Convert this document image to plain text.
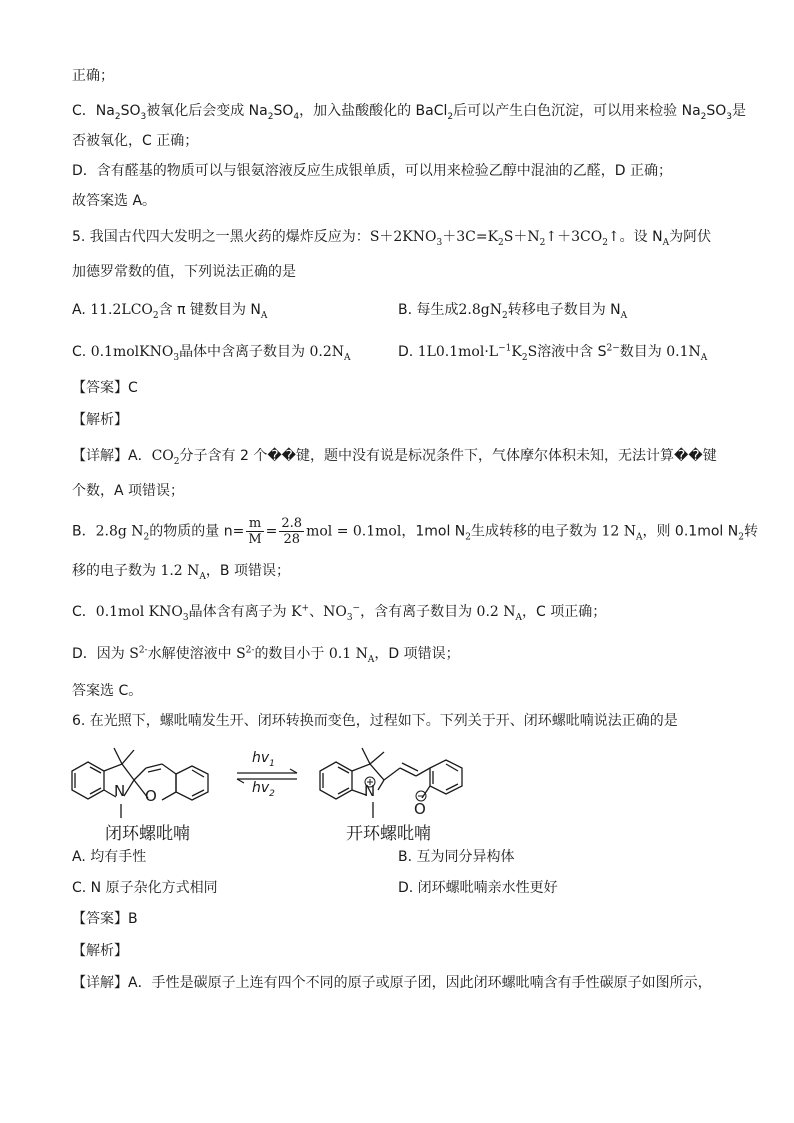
正确；
C．$Na_2SO_3$被氧化后会变成 $Na_2SO_4$，加入盐酸酸化的 BaCl$_2$后可以产生白色沉淀，可以用来检验 $Na_2SO_3$是
否被氧化，C 正确；
D．含有醛基的物质可以与银氨溶液反应生成银单质，可以用来检验乙醇中混油的乙醛，D 正确；
故答案选 A。
5. 我国古代四大发明之一黑火药的爆炸反应为：$S+2KNO_3+3C=K_2S+N_2↑+3CO_2↑$。设 $N_A$为阿伏
加德罗常数的值，下列说法正确的是
A. $11.2LCO_2$含 π 键数目为 $N_A$	B. 每生成$2.8gN_2$转移电子数目为 $N_A$
C. 0.1molKNO$_3$晶体中含离子数目为 $0.2N_A$	D. $1L0.1mol\cdot L^{-1}K_2S$溶液中含 $S^{2-}$数目为 $0.1N_A$
【答案】C
【解析】
【详解】A．$CO_2$分子含有 2 个��键，题中没有说是标况条件下，气体摩尔体积未知，无法计算��键
个数，A 项错误；
B．2.8g $N_2$的物质的量 $n= \frac{m}{M} = \frac{2.8}{28}$ mol = 0.1mol，1mol $N_2$生成转移的电子数为 12 $N_A$，则 0.1mol $N_2$转
移的电子数为 1.2 $N_A$，B 项错误；
C．0.1mol $KNO_3$晶体含有离子为 K+、$NO_3^-$，含有离子数目为 0.2 $N_A$，C 项正确；
D．因为 $S^{2-}$水解使溶液中 $S^{2-}$的数目小于 0.1 $N_A$，D 项错误；
答案选 C。
6. 在光照下，螺吡喃发生开、闭环转换而变色，过程如下。下列关于开、闭环螺吡喃说法正确的是
N O
$hv_1$
$hv_2$	N
O
闭环螺吡喃	开环螺吡喃
A. 均有手性	B. 互为同分异构体
C. N 原子杂化方式相同	D. 闭环螺吡喃亲水性更好
【答案】B
【解析】
【详解】A．手性是碳原子上连有四个不同的原子或原子团，因此闭环螺吡喃含有手性碳原子如图所示，
